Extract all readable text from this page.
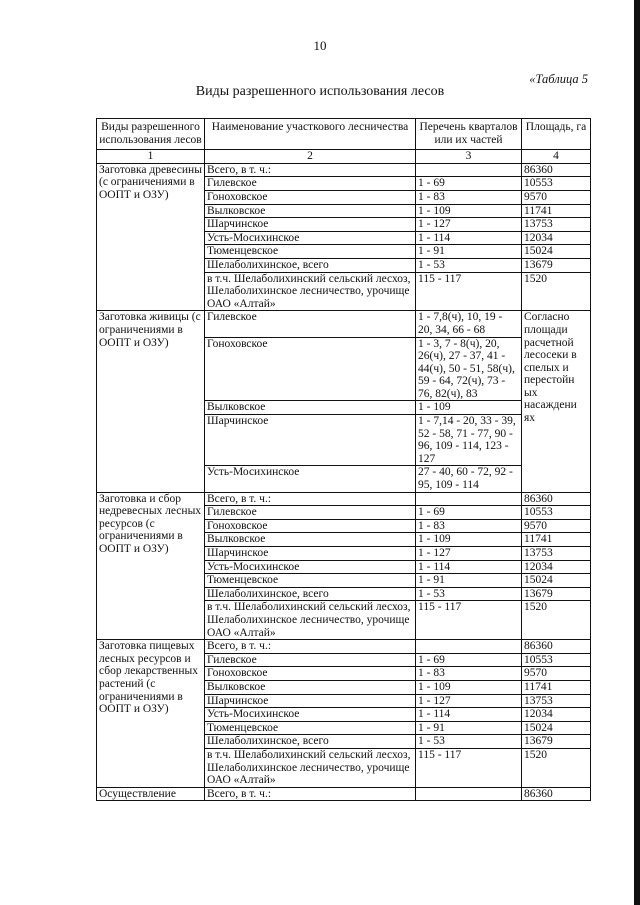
10
«Таблица 5
Виды разрешенного использования лесов
Виды разрешенного использования лесов	Наименование участкового лесничества	Перечень кварталов или их частей	Площадь, га
1	2	3	4
Заготовка древесины (с ограничениями в ООПТ и ОЗУ)	Всего, в т. ч.:		86360
	Гилевское	1 - 69	10553
	Гоноховское	1 - 83	9570
	Вылковское	1 - 109	11741
	Шарчинское	1 - 127	13753
	Усть-Мосихинское	1 - 114	12034
	Тюменцевское	1 - 91	15024
	Шелаболихинское, всего	1 - 53	13679
	в т.ч. Шелаболихинский сельский лесхоз, Шелаболихинское лесничество, урочище ОАО «Алтай»	115 - 117	1520
Заготовка живицы (с ограничениями в ООПТ и ОЗУ)	Гилевское	1 - 7,8(ч), 10, 19 - 20, 34, 66 - 68	Согласно площади расчетной лесосеки в спелых и перестойн ых насаждени ях
	Гоноховское	1 - 3, 7 - 8(ч), 20, 26(ч), 27 - 37, 41 - 44(ч), 50 - 51, 58(ч), 59 - 64, 72(ч), 73 - 76, 82(ч), 83	
	Вылковское	1 - 109	
	Шарчинское	1 - 7,14 - 20, 33 - 39, 52 - 58, 71 - 77, 90 - 96, 109 - 114, 123 - 127	
	Усть-Мосихинское	27 - 40, 60 - 72, 92 - 95, 109 - 114	
Заготовка и сбор недревесных лесных ресурсов (с ограничениями в ООПТ и ОЗУ)	Всего, в т. ч.:		86360
	Гилевское	1 - 69	10553
	Гоноховское	1 - 83	9570
	Вылковское	1 - 109	11741
	Шарчинское	1 - 127	13753
	Усть-Мосихинское	1 - 114	12034
	Тюменцевское	1 - 91	15024
	Шелаболихинское, всего	1 - 53	13679
	в т.ч. Шелаболихинский сельский лесхоз, Шелаболихинское лесничество, урочище ОАО «Алтай»	115 - 117	1520
Заготовка пищевых лесных ресурсов и сбор лекарственных растений (с ограничениями в ООПТ и ОЗУ)	Всего, в т. ч.:		86360
	Гилевское	1 - 69	10553
	Гоноховское	1 - 83	9570
	Вылковское	1 - 109	11741
	Шарчинское	1 - 127	13753
	Усть-Мосихинское	1 - 114	12034
	Тюменцевское	1 - 91	15024
	Шелаболихинское, всего	1 - 53	13679
	в т.ч. Шелаболихинский сельский лесхоз, Шелаболихинское лесничество, урочище ОАО «Алтай»	115 - 117	1520
Осуществление	Всего, в т. ч.:		86360
